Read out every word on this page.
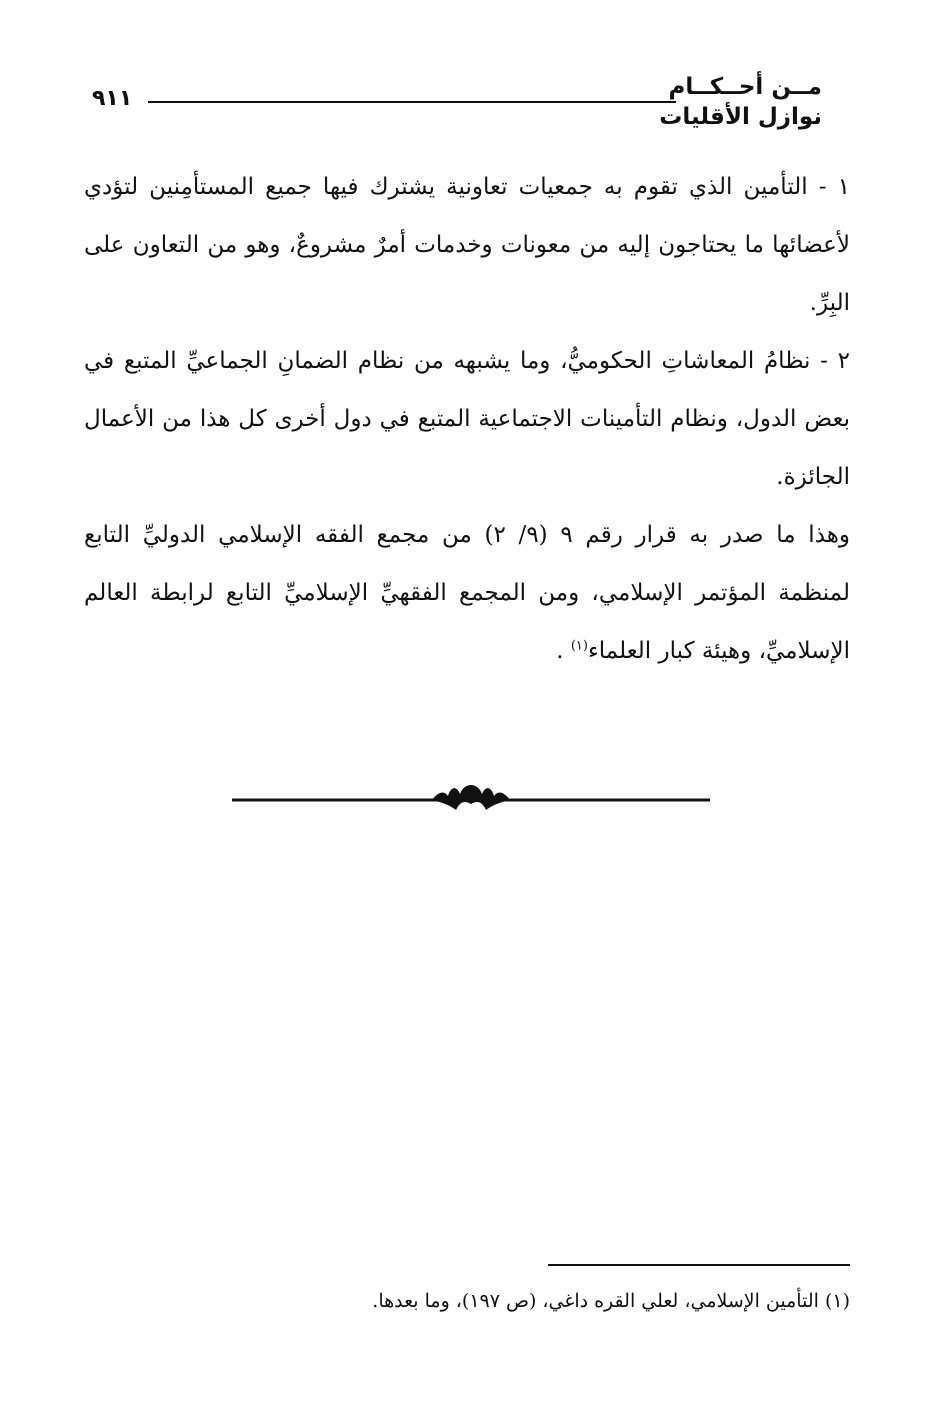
مــن أحــكــام
نوازل الأقليات
٩١١
١ - التأمين الذي تقوم به جمعيات تعاونية يشترك فيها جميع المستأمِنين لتؤدي لأعضائها ما يحتاجون إليه من معونات وخدمات أمرٌ مشروعٌ، وهو من التعاون على البِرِّ.
٢ - نظامُ المعاشاتِ الحكوميُّ، وما يشبهه من نظام الضمانِ الجماعيِّ المتبع في بعض الدول، ونظام التأمينات الاجتماعية المتبع في دول أخرى كل هذا من الأعمال الجائزة.
وهذا ما صدر به قرار رقم ٩ (٩/ ٢) من مجمع الفقه الإسلامي الدوليِّ التابع لمنظمة المؤتمر الإسلامي، ومن المجمع الفقهيِّ الإسلاميِّ التابع لرابطة العالم الإسلاميِّ، وهيئة كبار العلماء$^{(١)}$ .
(١) التأمين الإسلامي، لعلي القره داغي، (ص ١٩٧)، وما بعدها.
